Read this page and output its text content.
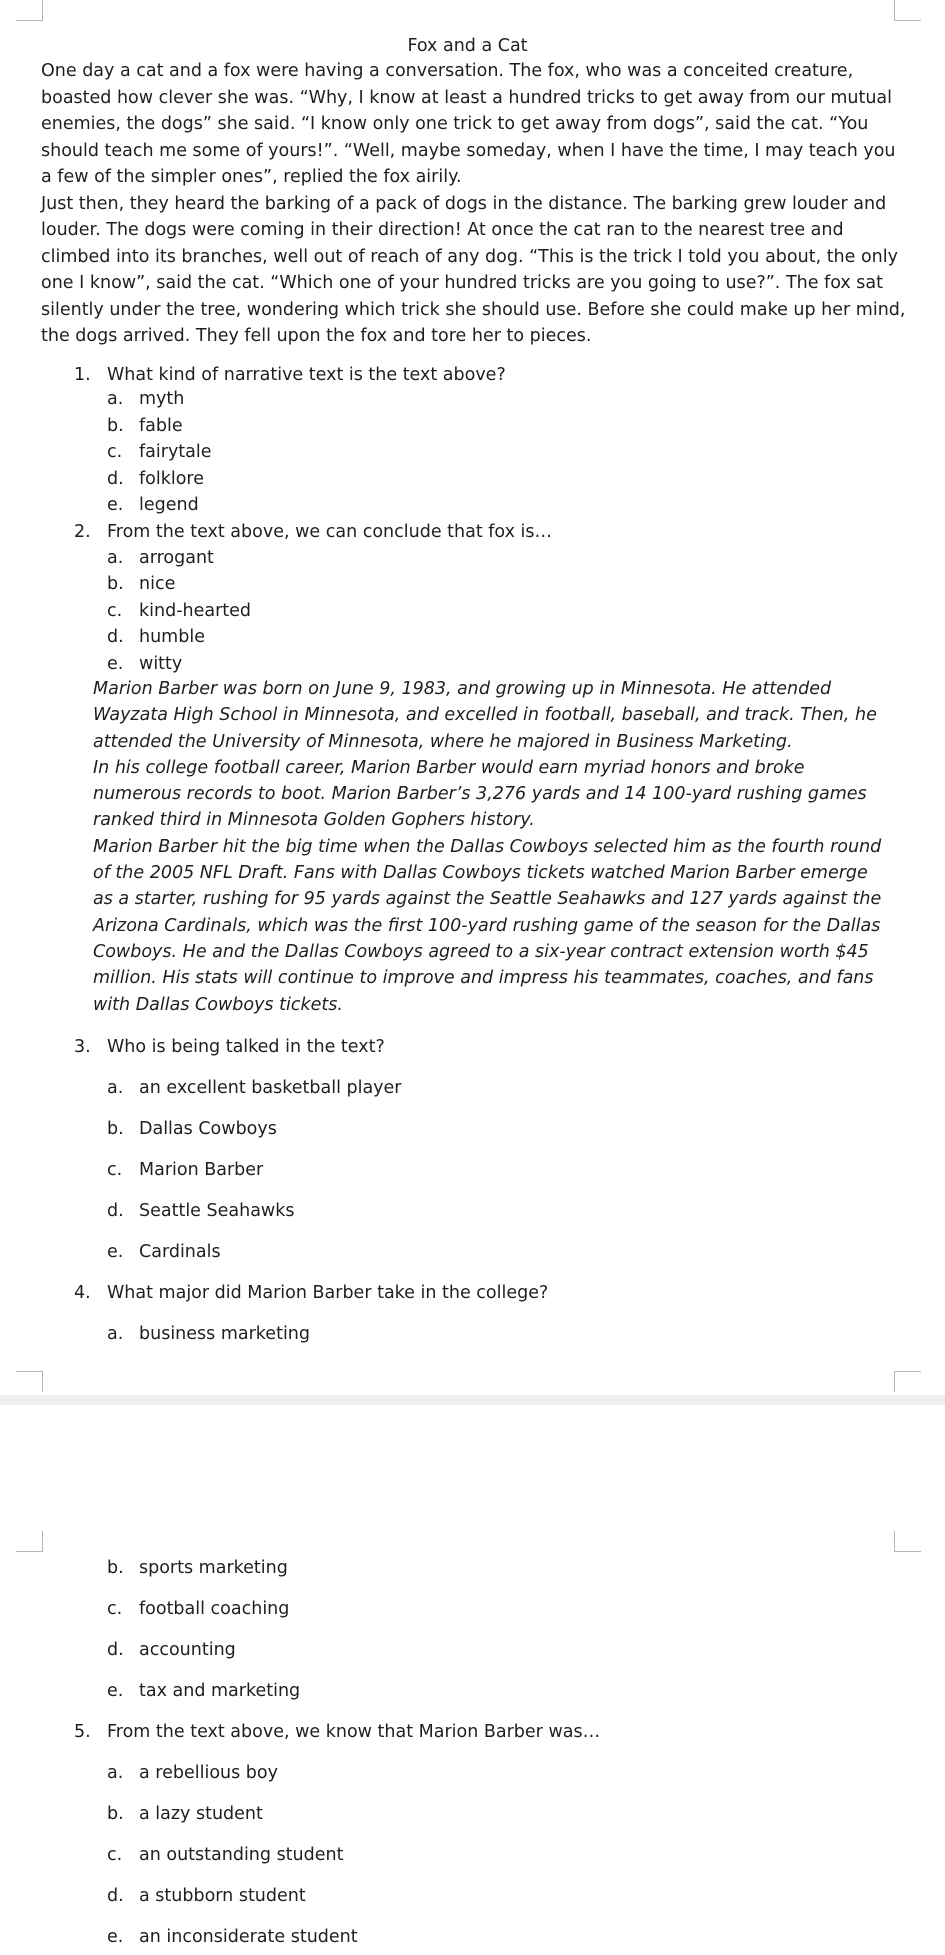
Fox and a Cat

One day a cat and a fox were having a conversation. The fox, who was a conceited creature, boasted how clever she was. “Why, I know at least a hundred tricks to get away from our mutual enemies, the dogs” she said. “I know only one trick to get away from dogs”, said the cat. “You should teach me some of yours!”. “Well, maybe someday, when I have the time, I may teach you a few of the simpler ones”, replied the fox airily.

Just then, they heard the barking of a pack of dogs in the distance. The barking grew louder and louder. The dogs were coming in their direction! At once the cat ran to the nearest tree and climbed into its branches, well out of reach of any dog. “This is the trick I told you about, the only one I know”, said the cat. “Which one of your hundred tricks are you going to use?”. The fox sat silently under the tree, wondering which trick she should use. Before she could make up her mind, the dogs arrived. They fell upon the fox and tore her to pieces.

1. What kind of narrative text is the text above?
a. myth
b. fable
c. fairytale
d. folklore
e. legend
2. From the text above, we can conclude that fox is…
a. arrogant
b. nice
c. kind-hearted
d. humble
e. witty

Marion Barber was born on June 9, 1983, and growing up in Minnesota. He attended Wayzata High School in Minnesota, and excelled in football, baseball, and track. Then, he attended the University of Minnesota, where he majored in Business Marketing.

In his college football career, Marion Barber would earn myriad honors and broke numerous records to boot. Marion Barber’s 3,276 yards and 14 100-yard rushing games ranked third in Minnesota Golden Gophers history.

Marion Barber hit the big time when the Dallas Cowboys selected him as the fourth round of the 2005 NFL Draft. Fans with Dallas Cowboys tickets watched Marion Barber emerge as a starter, rushing for 95 yards against the Seattle Seahawks and 127 yards against the Arizona Cardinals, which was the first 100-yard rushing game of the season for the Dallas Cowboys. He and the Dallas Cowboys agreed to a six-year contract extension worth $45 million. His stats will continue to improve and impress his teammates, coaches, and fans with Dallas Cowboys tickets.

3. Who is being talked in the text?
a. an excellent basketball player
b. Dallas Cowboys
c. Marion Barber
d. Seattle Seahawks
e. Cardinals
4. What major did Marion Barber take in the college?
a. business marketing
b. sports marketing
c. football coaching
d. accounting
e. tax and marketing
5. From the text above, we know that Marion Barber was…
a. a rebellious boy
b. a lazy student
c. an outstanding student
d. a stubborn student
e. an inconsiderate student
